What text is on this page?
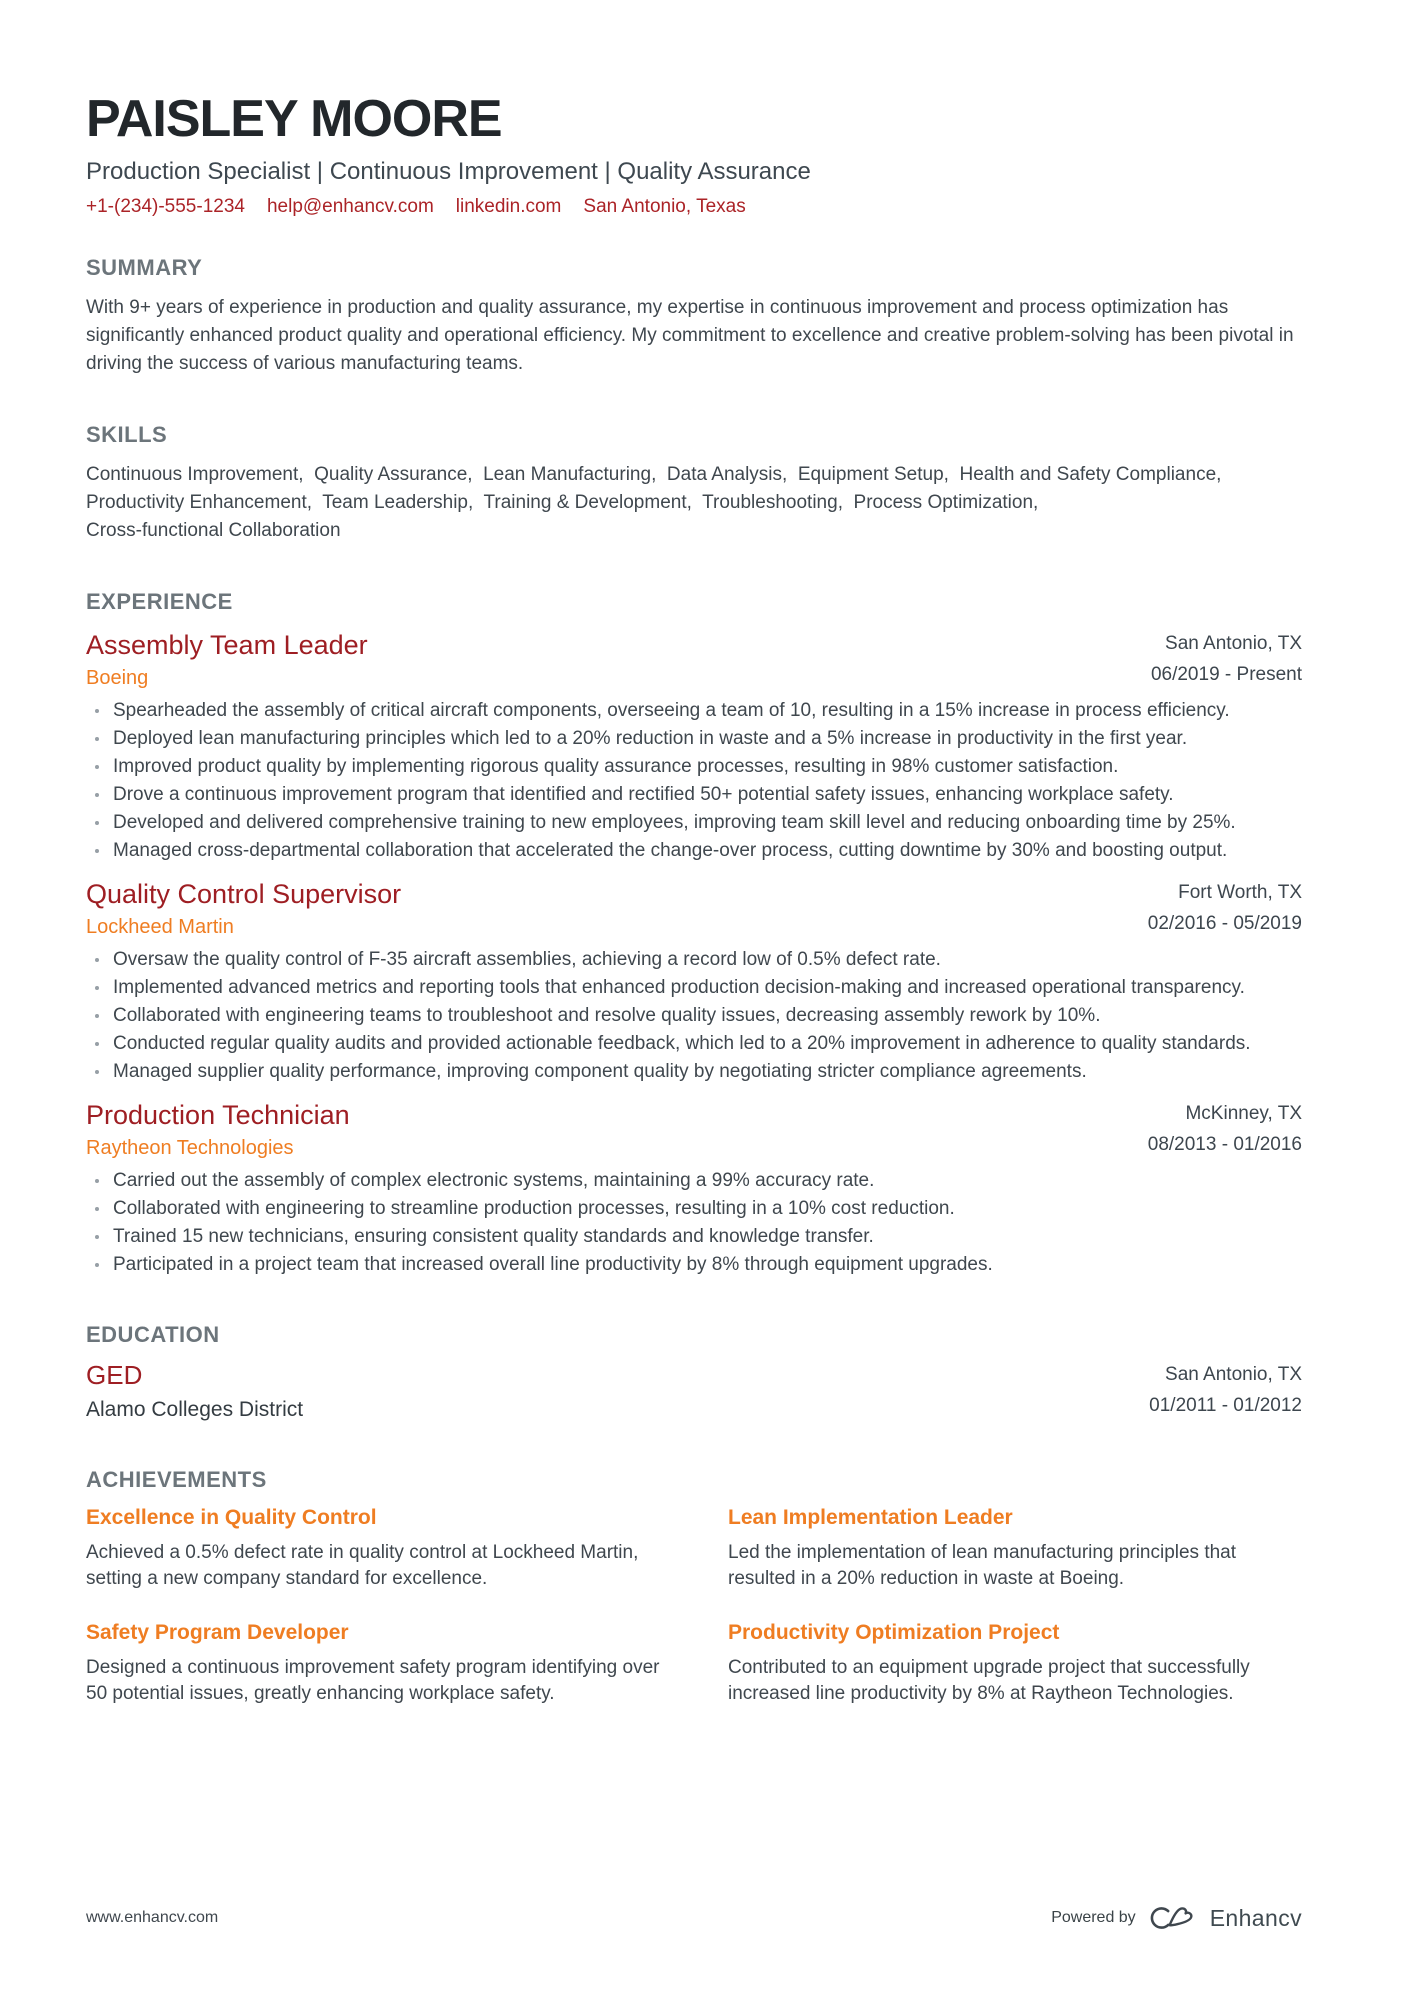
PAISLEY MOORE
Production Specialist | Continuous Improvement | Quality Assurance
+1-(234)-555-1234 help@enhancv.com linkedin.com San Antonio, Texas
SUMMARY
With 9+ years of experience in production and quality assurance, my expertise in continuous improvement and process optimization has significantly enhanced product quality and operational efficiency. My commitment to excellence and creative problem-solving has been pivotal in driving the success of various manufacturing teams.
SKILLS
Continuous Improvement , Quality Assurance , Lean Manufacturing , Data Analysis , Equipment Setup , Health and Safety Compliance ,  Productivity Enhancement , Team Leadership , Training & Development , Troubleshooting , Process Optimization ,  Cross-functional Collaboration
EXPERIENCE
Assembly Team Leader
Boeing
San Antonio, TX
06/2019 - Present
Spearheaded the assembly of critical aircraft components, overseeing a team of 10, resulting in a 15% increase in process efficiency.
Deployed lean manufacturing principles which led to a 20% reduction in waste and a 5% increase in productivity in the first year.
Improved product quality by implementing rigorous quality assurance processes, resulting in 98% customer satisfaction.
Drove a continuous improvement program that identified and rectified 50+ potential safety issues, enhancing workplace safety.
Developed and delivered comprehensive training to new employees, improving team skill level and reducing onboarding time by 25%.
Managed cross-departmental collaboration that accelerated the change-over process, cutting downtime by 30% and boosting output.
Quality Control Supervisor
Lockheed Martin
Fort Worth, TX
02/2016 - 05/2019
Oversaw the quality control of F-35 aircraft assemblies, achieving a record low of 0.5% defect rate.
Implemented advanced metrics and reporting tools that enhanced production decision-making and increased operational transparency.
Collaborated with engineering teams to troubleshoot and resolve quality issues, decreasing assembly rework by 10%.
Conducted regular quality audits and provided actionable feedback, which led to a 20% improvement in adherence to quality standards.
Managed supplier quality performance, improving component quality by negotiating stricter compliance agreements.
Production Technician
Raytheon Technologies
McKinney, TX
08/2013 - 01/2016
Carried out the assembly of complex electronic systems, maintaining a 99% accuracy rate.
Collaborated with engineering to streamline production processes, resulting in a 10% cost reduction.
Trained 15 new technicians, ensuring consistent quality standards and knowledge transfer.
Participated in a project team that increased overall line productivity by 8% through equipment upgrades.
EDUCATION
GED
Alamo Colleges District
San Antonio, TX
01/2011 - 01/2012
ACHIEVEMENTS
Excellence in Quality Control
Achieved a 0.5% defect rate in quality control at Lockheed Martin, setting a new company standard for excellence.
Lean Implementation Leader
Led the implementation of lean manufacturing principles that resulted in a 20% reduction in waste at Boeing.
Safety Program Developer
Designed a continuous improvement safety program identifying over 50 potential issues, greatly enhancing workplace safety.
Productivity Optimization Project
Contributed to an equipment upgrade project that successfully increased line productivity by 8% at Raytheon Technologies.
www.enhancv.com	Powered by	Enhancv
